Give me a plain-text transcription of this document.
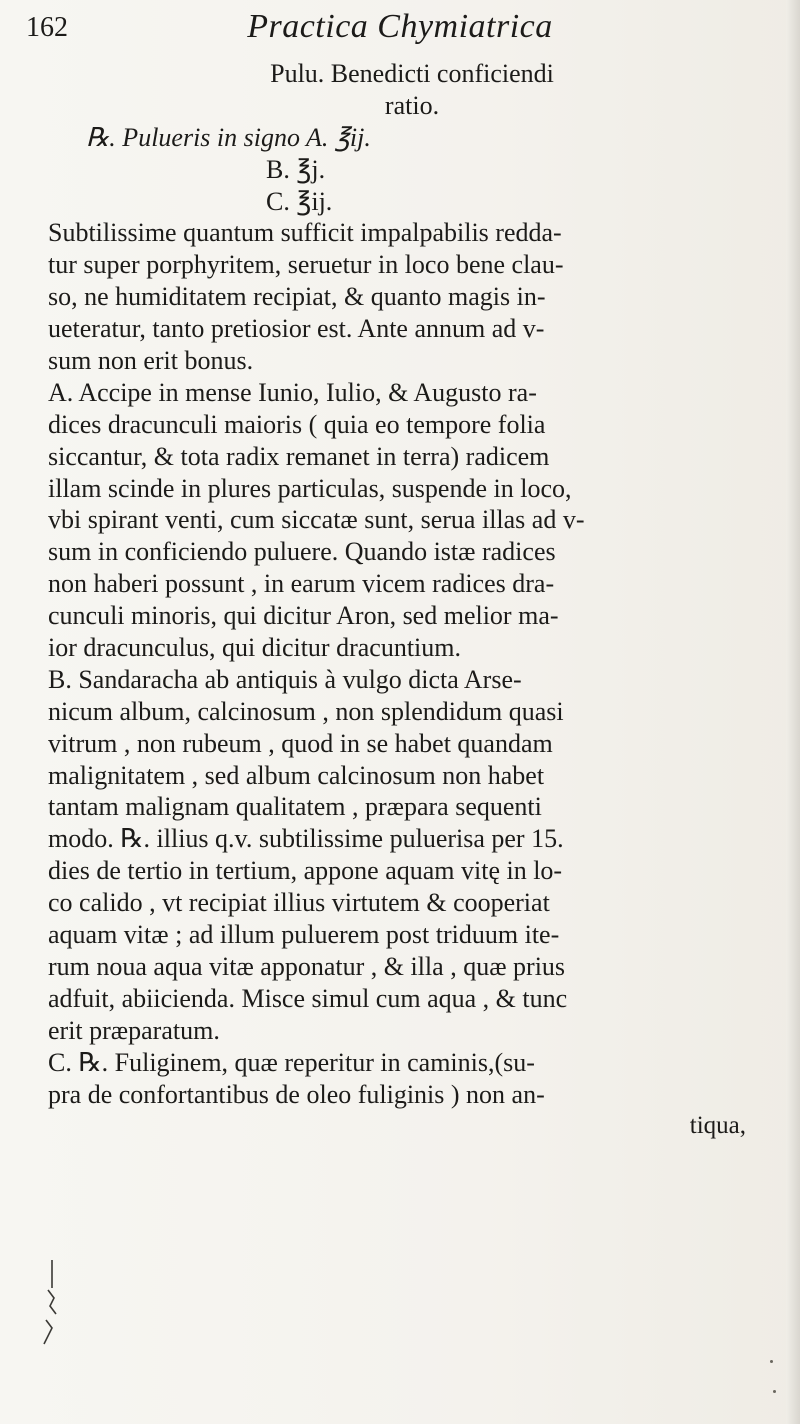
162	Practica Chymiatrica
Pulu. Benedicti conficiendi
ratio.
℞. Pulueris in signo A. ℥ij.
B. ℥j.
C. ℥ij.
Subtilissime quantum sufficit impalpabilis redda-
tur super porphyritem, seruetur in loco bene clau-
so, ne humiditatem recipiat, & quanto magis in-
ueteratur, tanto pretiosior est. Ante annum ad v-
sum non erit bonus.
A. Accipe in mense Iunio, Iulio, & Augusto ra-
dices dracunculi maioris ( quia eo tempore folia
siccantur, & tota radix remanet in terra) radicem
illam scinde in plures particulas, suspende in loco,
vbi spirant venti, cum siccatæ sunt, serua illas ad v-
sum in conficiendo puluere. Quando istæ radices
non haberi possunt , in earum vicem radices dra-
cunculi minoris, qui dicitur Aron, sed melior ma-
ior dracunculus, qui dicitur dracuntium.
B. Sandaracha ab antiquis à vulgo dicta Arse-
nicum album, calcinosum , non splendidum quasi
vitrum , non rubeum , quod in se habet quandam
malignitatem , sed album calcinosum non habet
tantam malignam qualitatem , præpara sequenti
modo. ℞. illius q.v. subtilissime puluerisa per 15.
dies de tertio in tertium, appone aquam vitę in lo-
co calido , vt recipiat illius virtutem & cooperiat
aquam vitæ ; ad illum puluerem post triduum ite-
rum noua aqua vitæ apponatur , & illa , quæ prius
adfuit, abiicienda. Misce simul cum aqua , & tunc
erit præparatum.
C. ℞. Fuliginem, quæ reperitur in caminis,(su-
pra de confortantibus de oleo fuliginis ) non an-
tiqua,
